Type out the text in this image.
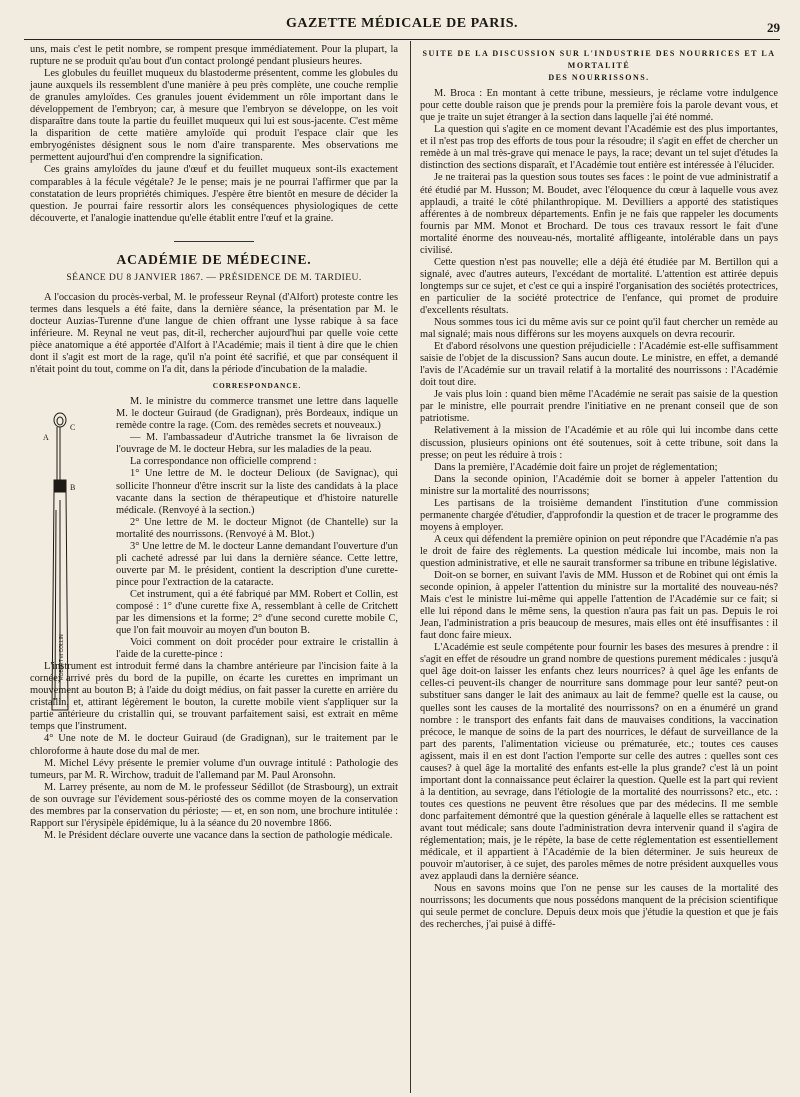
GAZETTE MÉDICALE DE PARIS.	29

uns, mais c'est le petit nombre, se rompent presque immédiatement. Pour la plupart, la rupture ne se produit qu'au bout d'un contact prolongé pendant plusieurs heures.

Les globules du feuillet muqueux du blastoderme présentent, comme les globules du jaune auxquels ils ressemblent d'une manière à peu près complète, une couche remplie de granules amyloïdes. Ces granules jouent évidemment un rôle important dans le développement de l'embryon; car, à mesure que l'embryon se développe, on les voit disparaître dans toute la partie du feuillet muqueux qui lui est sous-jacente. C'est même la disparition de cette matière amyloïde qui produit l'espace clair que les embryogénistes désignent sous le nom d'aire transparente. Mes observations me permettent aujourd'hui d'en comprendre la signification.

Ces grains amyloïdes du jaune d'œuf et du feuillet muqueux sont-ils exactement comparables à la fécule végétale? Je le pense; mais je ne pourrai l'affirmer que par la constatation de leurs propriétés chimiques. J'espère être bientôt en mesure de décider la question. Je pourrai faire ressortir alors les conséquences physiologiques de cette découverte, et l'analogie inattendue qu'elle établit entre l'œuf et la graine.

ACADÉMIE DE MÉDECINE.
SÉANCE DU 8 JANVIER 1867. — PRÉSIDENCE DE M. TARDIEU.

A l'occasion du procès-verbal, M. le professeur Reynal (d'Alfort) proteste contre les termes dans lesquels a été faite, dans la dernière séance, la présentation par M. le docteur Auzias-Turenne d'une langue de chien offrant une lysse rabique à sa face inférieure. M. Reynal ne veut pas, dit-il, rechercher aujourd'hui par quelle voie cette pièce anatomique a été apportée d'Alfort à l'Académie; mais il tient à dire que le chien dont il s'agit est mort de la rage, qu'il n'a point été sacrifié, et que par conséquent il n'était point du tout, comme on l'a dit, dans la période d'incubation de la maladie.

CORRESPONDANCE.

M. le ministre du commerce transmet une lettre dans laquelle M. le docteur Guiraud (de Gradignan), près Bordeaux, indique un remède contre la rage. (Com. des remèdes secrets et nouveaux.)

— M. l'ambassadeur d'Autriche transmet la 6e livraison de l'ouvrage de M. le docteur Hebra, sur les maladies de la peau.

La correspondance non officielle comprend :

1° Une lettre de M. le docteur Delioux (de Savignac), qui sollicite l'honneur d'être inscrit sur la liste des candidats à la place vacante dans la section de thérapeutique et d'histoire naturelle médicale. (Renvoyé à la section.)

2° Une lettre de M. le docteur Mignot (de Chantelle) sur la mortalité des nourrissons. (Renvoyé à M. Blot.)

3° Une lettre de M. le docteur Lanne demandant l'ouverture d'un pli cacheté adressé par lui dans la dernière séance. Cette lettre, ouverte par M. le président, contient la description d'une curette-pince pour l'extraction de la cataracte.

Cet instrument, qui a été fabriqué par MM. Robert et Collin, est composé : 1° d'une curette fixe A, ressemblant à celle de Critchett par les dimensions et la forme; 2° d'une second curette mobile C, que l'on fait mouvoir au moyen d'un bouton B.

Voici comment on doit procéder pour extraire le cristallin à l'aide de la curette-pince :

L'instrument est introduit fermé dans la chambre antérieure par l'incision faite à la cornée; arrivé près du bord de la pupille, on écarte les curettes en imprimant un mouvement au bouton B; à l'aide du doigt médius, on fait passer la curette en arrière du cristallin, et, attirant légèrement le bouton, la curette mobile vient s'appliquer sur la partie antérieure du cristallin qui, se trouvant parfaitement saisi, est extrait en même temps que l'instrument.

4° Une note de M. le docteur Guiraud (de Gradignan), sur le traitement par le chloroforme à haute dose du mal de mer.

M. Michel Lévy présente le premier volume d'un ouvrage intitulé : Pathologie des tumeurs, par M. R. Wirchow, traduit de l'allemand par M. Paul Aronsohn.

M. Larrey présente, au nom de M. le professeur Sédillot (de Strasbourg), un extrait de son ouvrage sur l'évidement sous-périosté des os comme moyen de la conservation des membres par la conservation du périoste; — et, en son nom, une brochure intitulée : Rapport sur l'érysipèle épidémique, lu à la séance du 20 novembre 1866.

M. le Président déclare ouverte une vacance dans la section de pathologie médicale.

A
C
B
ROBERT et COLLIN
SUITE DE LA DISCUSSION SUR L'INDUSTRIE DES NOURRICES ET LA MORTALITÉ
DES NOURRISSONS.

M. Broca : En montant à cette tribune, messieurs, je réclame votre indulgence pour cette double raison que je prends pour la première fois la parole devant vous, et que je traite un sujet étranger à la section dans laquelle j'ai été nommé.

La question qui s'agite en ce moment devant l'Académie est des plus importantes, et il n'est pas trop des efforts de tous pour la résoudre; il s'agit en effet de chercher un remède à un mal très-grave qui menace le pays, la race; devant un tel sujet d'études la distinction des sections disparaît, et l'Académie tout entière est intéressée à l'élucider.

Je ne traiterai pas la question sous toutes ses faces : le point de vue administratif a été étudié par M. Husson; M. Boudet, avec l'éloquence du cœur à laquelle vous avez applaudi, a traité le côté philanthropique. M. Devilliers a apporté des statistiques afférentes à de nombreux départements. Enfin je ne fais que rappeler les documents fournis par MM. Monot et Brochard. De tous ces travaux ressort le fait d'une mortalité énorme des nouveau-nés, mortalité affligeante, intolérable dans un pays civilisé.

Cette question n'est pas nouvelle; elle a déjà été étudiée par M. Bertillon qui a signalé, avec d'autres auteurs, l'excédant de mortalité. L'attention est attirée depuis longtemps sur ce sujet, et c'est ce qui a inspiré l'organisation des sociétés protectrices, en particulier de la société protectrice de l'enfance, qui promet de produire d'excellents résultats.

Nous sommes tous ici du même avis sur ce point qu'il faut chercher un remède au mal signalé; mais nous différons sur les moyens auxquels on devra recourir.

Et d'abord résolvons une question préjudicielle : l'Académie est-elle suffisamment saisie de l'objet de la discussion? Sans aucun doute. Le ministre, en effet, a demandé l'avis de l'Académie sur un travail relatif à la mortalité des nourrissons : l'Académie doit tout dire.

Je vais plus loin : quand bien même l'Académie ne serait pas saisie de la question par le ministre, elle pourrait prendre l'initiative en ne prenant conseil que de son patriotisme.

Relativement à la mission de l'Académie et au rôle qui lui incombe dans cette discussion, plusieurs opinions ont été soutenues, soit à cette tribune, soit dans la presse; on peut les réduire à trois :

Dans la première, l'Académie doit faire un projet de réglementation;

Dans la seconde opinion, l'Académie doit se borner à appeler l'attention du ministre sur la mortalité des nourrissons;

Les partisans de la troisième demandent l'institution d'une commission permanente chargée d'étudier, d'approfondir la question et de tracer le programme des moyens à employer.

A ceux qui défendent la première opinion on peut répondre que l'Académie n'a pas le droit de faire des règlements. La question médicale lui incombe, mais non la question administrative, et elle ne saurait transformer sa tribune en tribune législative.

Doit-on se borner, en suivant l'avis de MM. Husson et de Robinet qui ont émis la seconde opinion, à appeler l'attention du ministre sur la mortalité des nouveau-nés? Mais c'est le ministre lui-même qui appelle l'attention de l'Académie sur ce fait; si elle lui répond dans le même sens, la question n'aura pas fait un pas. Depuis le roi Jean, l'administration a pris beaucoup de mesures, mais elles ont été insuffisantes : il faut donc faire mieux.

L'Académie est seule compétente pour fournir les bases des mesures à prendre : il s'agit en effet de résoudre un grand nombre de questions purement médicales : jusqu'à quel âge doit-on laisser les enfants chez leurs nourrices? à quel âge les enfants de celles-ci peuvent-ils changer de nourriture sans dommage pour leur santé? peut-on substituer sans danger le lait des animaux au lait de femme? quelle est la cause, ou quelles sont les causes de la mortalité des nourrissons? on en a énuméré un grand nombre : le transport des enfants fait dans de mauvaises conditions, la vaccination précoce, le manque de soins de la part des nourrices, le défaut de surveillance de la part des parents, l'alimentation vicieuse ou prématurée, etc.; toutes ces causes agissent, mais il en est dont l'action l'emporte sur celle des autres : quelles sont ces causes? à quel âge la mortalité des enfants est-elle la plus grande? c'est là un point important dont la connaissance peut éclairer la question. Quelle est la part qui revient à la dentition, au sevrage, dans l'étiologie de la mortalité des nourrissons? etc., etc. : toutes ces questions ne peuvent être résolues que par des médecins. Il me semble donc parfaitement démontré que la question générale à laquelle elles se rattachent est avant tout médicale; sans doute l'administration devra intervenir quand il s'agira de réglementation; mais, je le répète, la base de cette réglementation est essentiellement médicale, et il appartient à l'Académie de la bien déterminer. Je suis heureux de pouvoir m'autoriser, à ce sujet, des paroles mêmes de notre président auxquelles vous avez applaudi dans la dernière séance.

Nous en savons moins que l'on ne pense sur les causes de la mortalité des nourrissons; les documents que nous possédons manquent de la précision scientifique qui seule permet de conclure. Depuis deux mois que j'étudie la question et que je fais des recherches, j'ai puisé à diffé-
